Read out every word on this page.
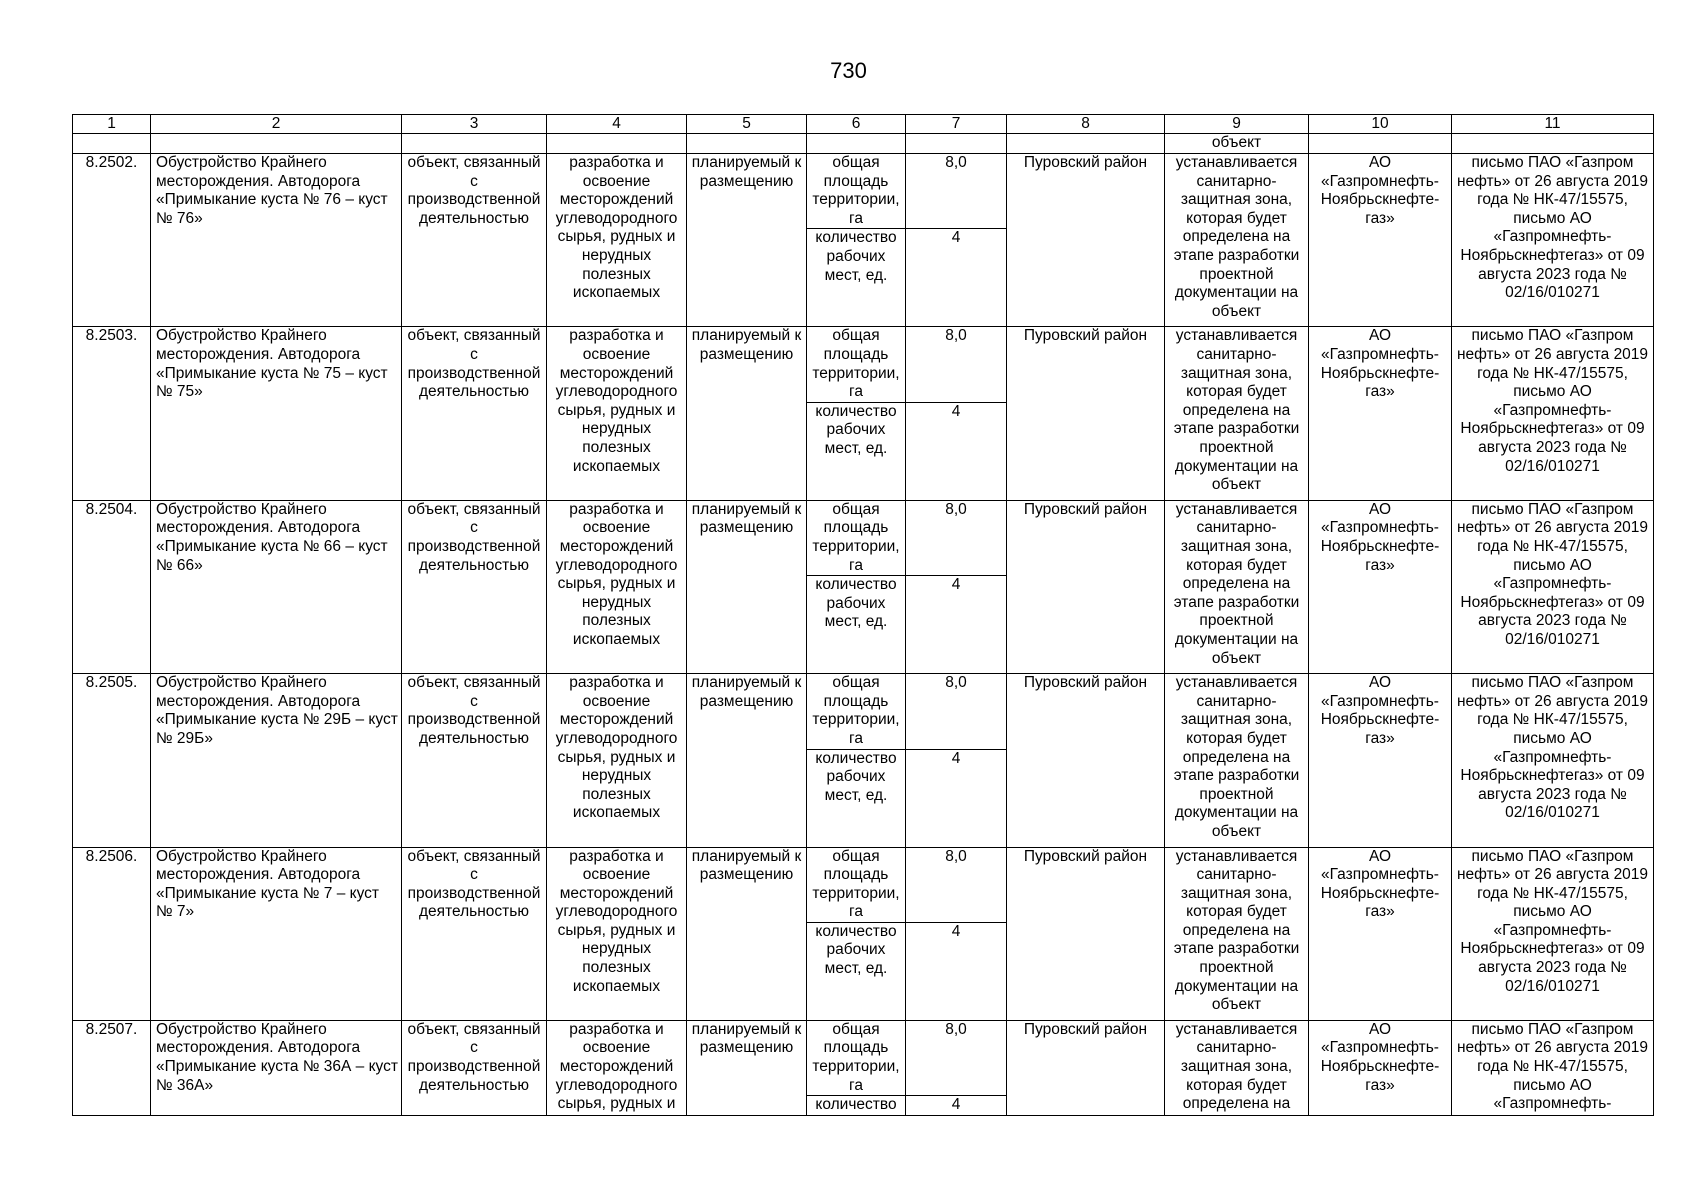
730
1	2	3	4	5	6	7	8	9	10	11
								объект		
8.2502.	Обустройство Крайнего месторождения. Автодорога «Примыкание куста № 76 – куст № 76»	объект, связанный с производственной деятельностью	разработка и освоение месторождений углеводородного сырья, рудных и нерудных полезных ископаемых	планируемый к размещению	общая площадь территории, га	8,0	Пуровский район	устанавливается санитарно-защитная зона, которая будет определена на этапе разработки проектной документации на объект	АО «Газпромнефть-Ноябрьскнефте-газ»	письмо ПАО «Газпром нефть» от 26 августа 2019 года № НК-47/15575, письмо АО «Газпромнефть-Ноябрьскнефтегаз» от 09 августа 2023 года № 02/16/010271
					количество рабочих мест, ед.	4				
8.2503.	Обустройство Крайнего месторождения. Автодорога «Примыкание куста № 75 – куст № 75»	объект, связанный с производственной деятельностью	разработка и освоение месторождений углеводородного сырья, рудных и нерудных полезных ископаемых	планируемый к размещению	общая площадь территории, га	8,0	Пуровский район	устанавливается санитарно-защитная зона, которая будет определена на этапе разработки проектной документации на объект	АО «Газпромнефть-Ноябрьскнефте-газ»	письмо ПАО «Газпром нефть» от 26 августа 2019 года № НК-47/15575, письмо АО «Газпромнефть-Ноябрьскнефтегаз» от 09 августа 2023 года № 02/16/010271
					количество рабочих мест, ед.	4				
8.2504.	Обустройство Крайнего месторождения. Автодорога «Примыкание куста № 66 – куст № 66»	объект, связанный с производственной деятельностью	разработка и освоение месторождений углеводородного сырья, рудных и нерудных полезных ископаемых	планируемый к размещению	общая площадь территории, га	8,0	Пуровский район	устанавливается санитарно-защитная зона, которая будет определена на этапе разработки проектной документации на объект	АО «Газпромнефть-Ноябрьскнефте-газ»	письмо ПАО «Газпром нефть» от 26 августа 2019 года № НК-47/15575, письмо АО «Газпромнефть-Ноябрьскнефтегаз» от 09 августа 2023 года № 02/16/010271
					количество рабочих мест, ед.	4				
8.2505.	Обустройство Крайнего месторождения. Автодорога «Примыкание куста № 29Б – куст № 29Б»	объект, связанный с производственной деятельностью	разработка и освоение месторождений углеводородного сырья, рудных и нерудных полезных ископаемых	планируемый к размещению	общая площадь территории, га	8,0	Пуровский район	устанавливается санитарно-защитная зона, которая будет определена на этапе разработки проектной документации на объект	АО «Газпромнефть-Ноябрьскнефте-газ»	письмо ПАО «Газпром нефть» от 26 августа 2019 года № НК-47/15575, письмо АО «Газпромнефть-Ноябрьскнефтегаз» от 09 августа 2023 года № 02/16/010271
					количество рабочих мест, ед.	4				
8.2506.	Обустройство Крайнего месторождения. Автодорога «Примыкание куста № 7 – куст № 7»	объект, связанный с производственной деятельностью	разработка и освоение месторождений углеводородного сырья, рудных и нерудных полезных ископаемых	планируемый к размещению	общая площадь территории, га	8,0	Пуровский район	устанавливается санитарно-защитная зона, которая будет определена на этапе разработки проектной документации на объект	АО «Газпромнефть-Ноябрьскнефте-газ»	письмо ПАО «Газпром нефть» от 26 августа 2019 года № НК-47/15575, письмо АО «Газпромнефть-Ноябрьскнефтегаз» от 09 августа 2023 года № 02/16/010271
					количество рабочих мест, ед.	4				
8.2507.	Обустройство Крайнего месторождения. Автодорога «Примыкание куста № 36А – куст № 36А»	объект, связанный с производственной деятельностью	разработка и освоение месторождений углеводородного сырья, рудных и	планируемый к размещению	общая площадь территории, га	8,0	Пуровский район	устанавливается санитарно-защитная зона, которая будет определена на	АО «Газпромнефть-Ноябрьскнефте-газ»	письмо ПАО «Газпром нефть» от 26 августа 2019 года № НК-47/15575, письмо АО «Газпромнефть-
					количество	4				
